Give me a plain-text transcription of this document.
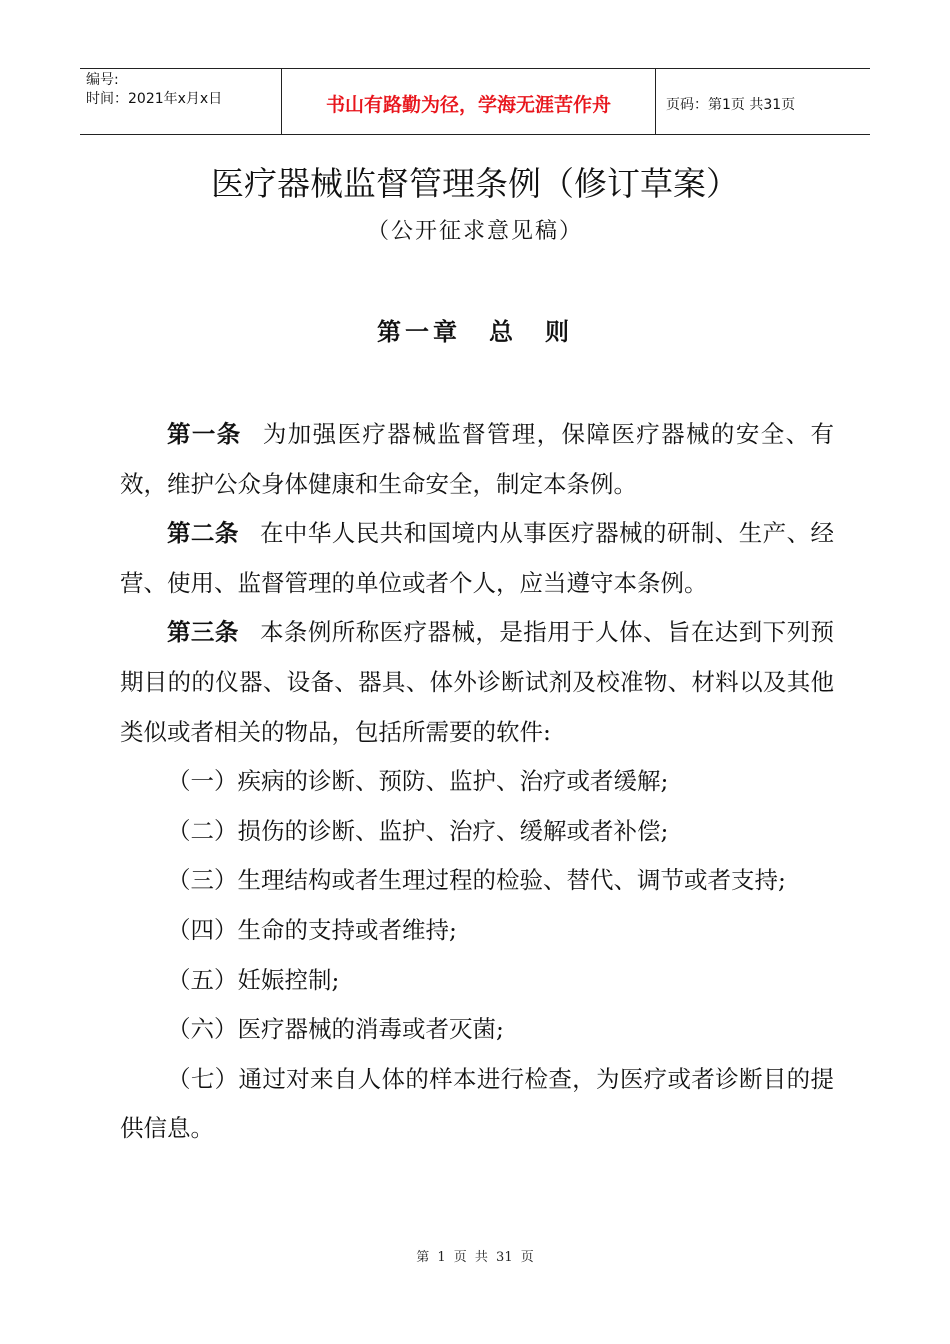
编号:
时间：2021年x月x日	书山有路勤为径，学海无涯苦作舟	页码：第1页 共31页
医疗器械监督管理条例（修订草案）
（公开征求意见稿）
第一章　总　则

第一条 为加强医疗器械监督管理，保障医疗器械的安全、有效，维护公众身体健康和生命安全，制定本条例。

第二条 在中华人民共和国境内从事医疗器械的研制、生产、经营、使用、监督管理的单位或者个人，应当遵守本条例。

第三条 本条例所称医疗器械，是指用于人体、旨在达到下列预期目的的仪器、设备、器具、体外诊断试剂及校准物、材料以及其他类似或者相关的物品，包括所需要的软件:

（一）疾病的诊断、预防、监护、治疗或者缓解;

（二）损伤的诊断、监护、治疗、缓解或者补偿;

（三）生理结构或者生理过程的检验、替代、调节或者支持;

（四）生命的支持或者维持;

（五）妊娠控制;

（六）医疗器械的消毒或者灭菌;

（七）通过对来自人体的样本进行检查，为医疗或者诊断目的提供信息。

第 1 页 共 31 页
